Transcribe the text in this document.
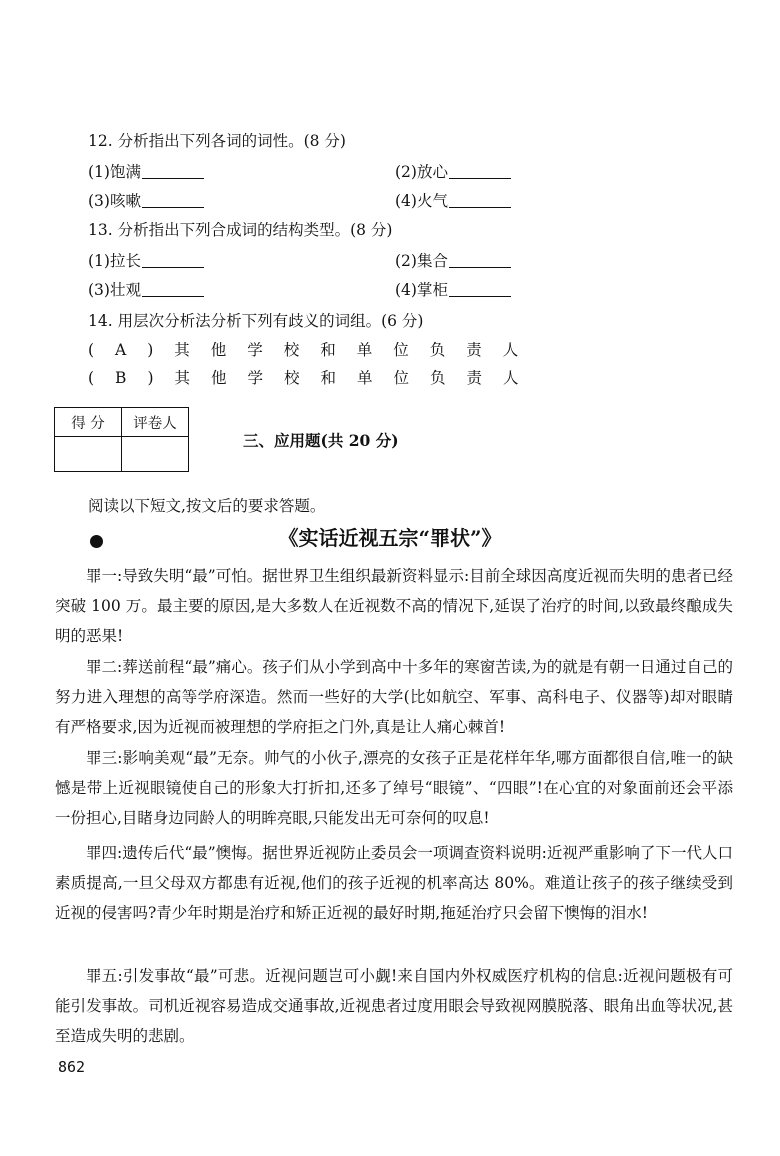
12. 分析指出下列各词的词性。(8 分)
(1)饱满	(2)放心
(3)咳嗽	(4)火气
13. 分析指出下列合成词的结构类型。(8 分)
(1)拉长	(2)集合
(3)壮观	(4)掌柜
14. 用层次分析法分析下列有歧义的词组。(6 分)
(A)其他学校和单位负责人
(B)其他学校和单位负责人
得 分	评卷人

三、应用题(共 20 分)
阅读以下短文,按文后的要求答题。
《实话近视五宗“罪状”》
罪一:导致失明“最”可怕。据世界卫生组织最新资料显示:目前全球因高度近视而失明的患者已经突破 100 万。最主要的原因,是大多数人在近视数不高的情况下,延误了治疗的时间,以致最终酿成失明的恶果!
罪二:葬送前程“最”痛心。孩子们从小学到高中十多年的寒窗苦读,为的就是有朝一日通过自己的努力进入理想的高等学府深造。然而一些好的大学(比如航空、军事、高科电子、仪器等)却对眼睛有严格要求,因为近视而被理想的学府拒之门外,真是让人痛心棘首!
罪三:影响美观“最”无奈。帅气的小伙子,漂亮的女孩子正是花样年华,哪方面都很自信,唯一的缺憾是带上近视眼镜使自己的形象大打折扣,还多了绰号“眼镜”、“四眼”!在心宜的对象面前还会平添一份担心,目睹身边同龄人的明眸亮眼,只能发出无可奈何的叹息!
罪四:遗传后代“最”懊悔。据世界近视防止委员会一项调查资料说明:近视严重影响了下一代人口素质提高,一旦父母双方都患有近视,他们的孩子近视的机率高达 80%。难道让孩子的孩子继续受到近视的侵害吗?青少年时期是治疗和矫正近视的最好时期,拖延治疗只会留下懊悔的泪水!
罪五:引发事故“最”可悲。近视问题岂可小觑!来自国内外权威医疗机构的信息:近视问题极有可能引发事故。司机近视容易造成交通事故,近视患者过度用眼会导致视网膜脱落、眼角出血等状况,甚至造成失明的悲剧。
862
